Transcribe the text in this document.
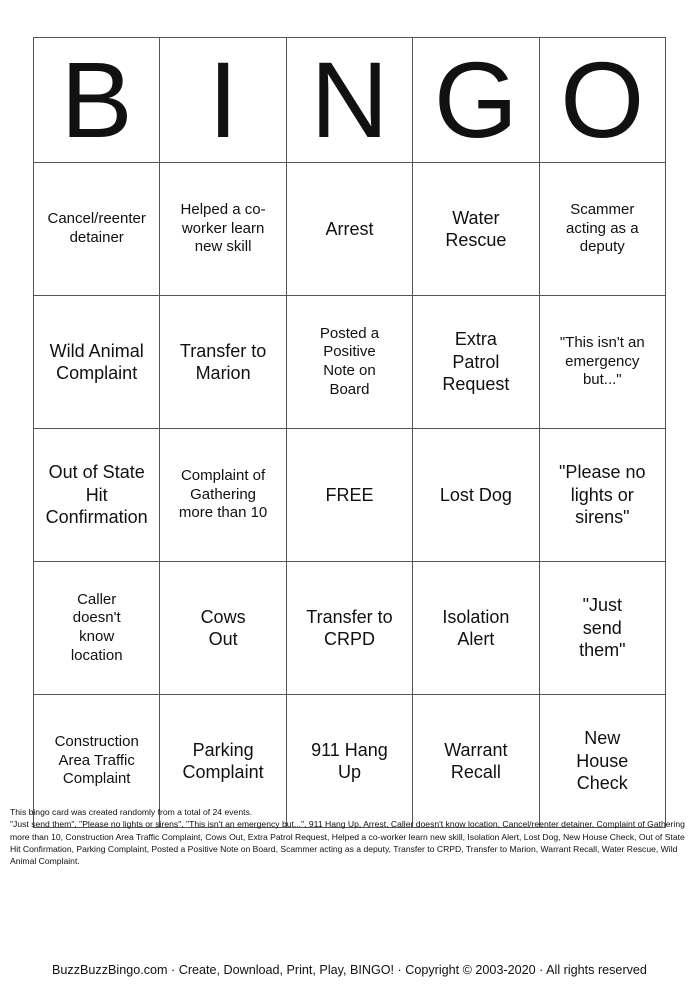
B	I	N	G	O
Cancel/reenter detainer	Helped a co-worker learn new skill	Arrest	Water Rescue	Scammer acting as a deputy
Wild Animal Complaint	Transfer to Marion	Posted a Positive Note on Board	Extra Patrol Request	"This isn't an emergency but..."
Out of State Hit Confirmation	Complaint of Gathering more than 10	FREE	Lost Dog	"Please no lights or sirens"
Caller doesn't know location	Cows Out	Transfer to CRPD	Isolation Alert	"Just send them"
Construction Area Traffic Complaint	Parking Complaint	911 Hang Up	Warrant Recall	New House Check
This bingo card was created randomly from a total of 24 events.
"Just send them", "Please no lights or sirens", "This isn't an emergency but...", 911 Hang Up, Arrest, Caller doesn't know location, Cancel/reenter detainer, Complaint of Gathering more than 10, Construction Area Traffic Complaint, Cows Out, Extra Patrol Request, Helped a co-worker learn new skill, Isolation Alert, Lost Dog, New House Check, Out of State Hit Confirmation, Parking Complaint, Posted a Positive Note on Board, Scammer acting as a deputy, Transfer to CRPD, Transfer to Marion, Warrant Recall, Water Rescue, Wild Animal Complaint.
BuzzBuzzBingo.com · Create, Download, Print, Play, BINGO! · Copyright © 2003-2020 · All rights reserved
